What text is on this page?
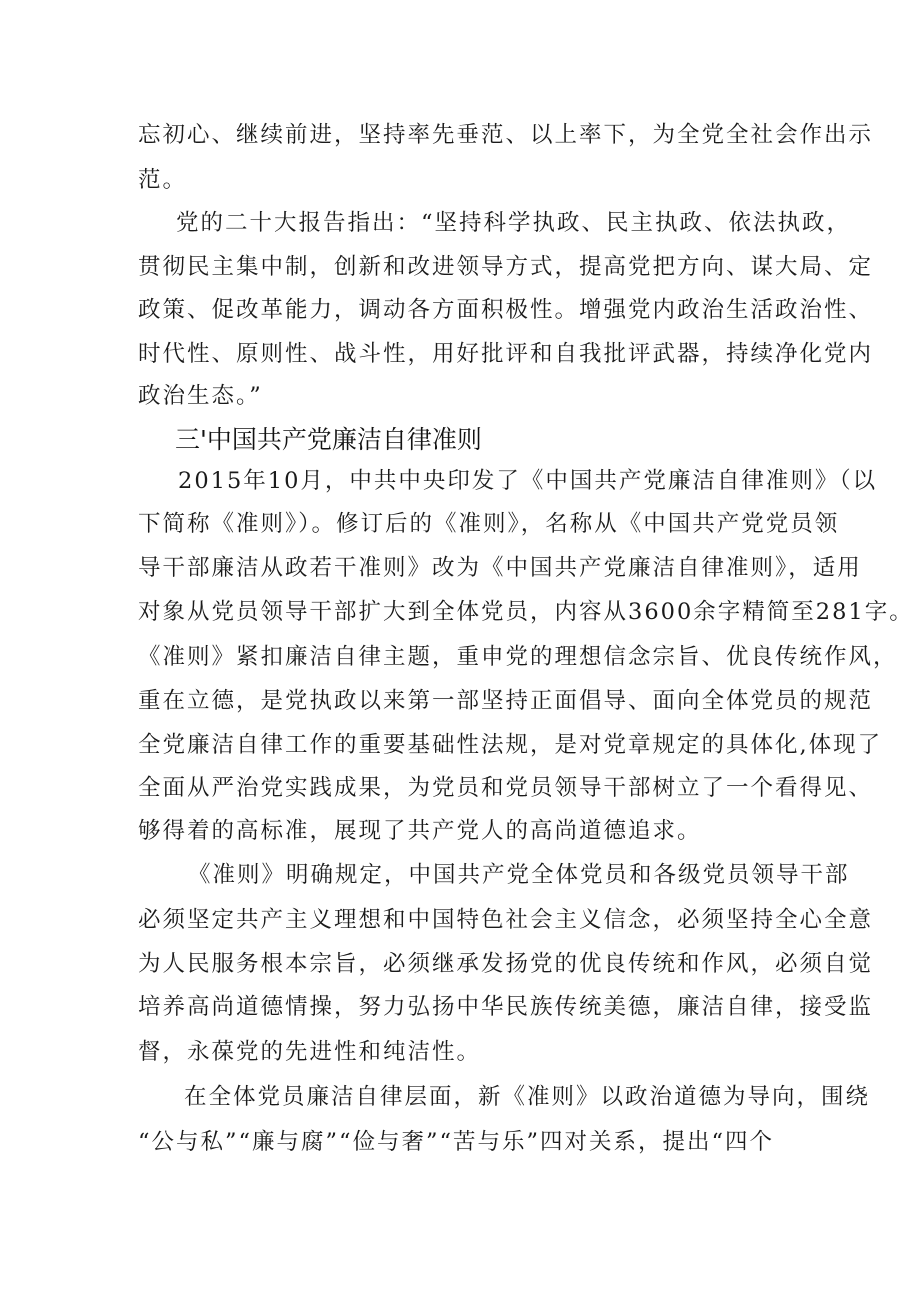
忘初心、继续前进，坚持率先垂范、以上率下，为全党全社会作出示
范。
党的二十大报告指出：“坚持科学执政、民主执政、依法执政，
贯彻民主集中制，创新和改进领导方式，提高党把方向、谋大局、定
政策、促改革能力，调动各方面积极性。增强党内政治生活政治性、
时代性、原则性、战斗性，用好批评和自我批评武器，持续净化党内
政治生态。”
三'中国共产党廉洁自律准则
2015年10月，中共中央印发了《中国共产党廉洁自律准则》（以
下简称《准则》）。修订后的《准则》，名称从《中国共产党党员领
导干部廉洁从政若干准则》改为《中国共产党廉洁自律准则》，适用
对象从党员领导干部扩大到全体党员，内容从3600余字精简至281字。
《准则》紧扣廉洁自律主题，重申党的理想信念宗旨、优良传统作风，
重在立德，是党执政以来第一部坚持正面倡导、面向全体党员的规范
全党廉洁自律工作的重要基础性法规，是对党章规定的具体化,体现了
全面从严治党实践成果，为党员和党员领导干部树立了一个看得见、
够得着的高标准，展现了共产党人的高尚道德追求。
《准则》明确规定，中国共产党全体党员和各级党员领导干部
必须坚定共产主义理想和中国特色社会主义信念，必须坚持全心全意
为人民服务根本宗旨，必须继承发扬党的优良传统和作风，必须自觉
培养高尚道德情操，努力弘扬中华民族传统美德，廉洁自律，接受监
督，永葆党的先进性和纯洁性。
在全体党员廉洁自律层面，新《准则》以政治道德为导向，围绕
“公与私”“廉与腐”“俭与奢”“苦与乐”四对关系，提出“四个
